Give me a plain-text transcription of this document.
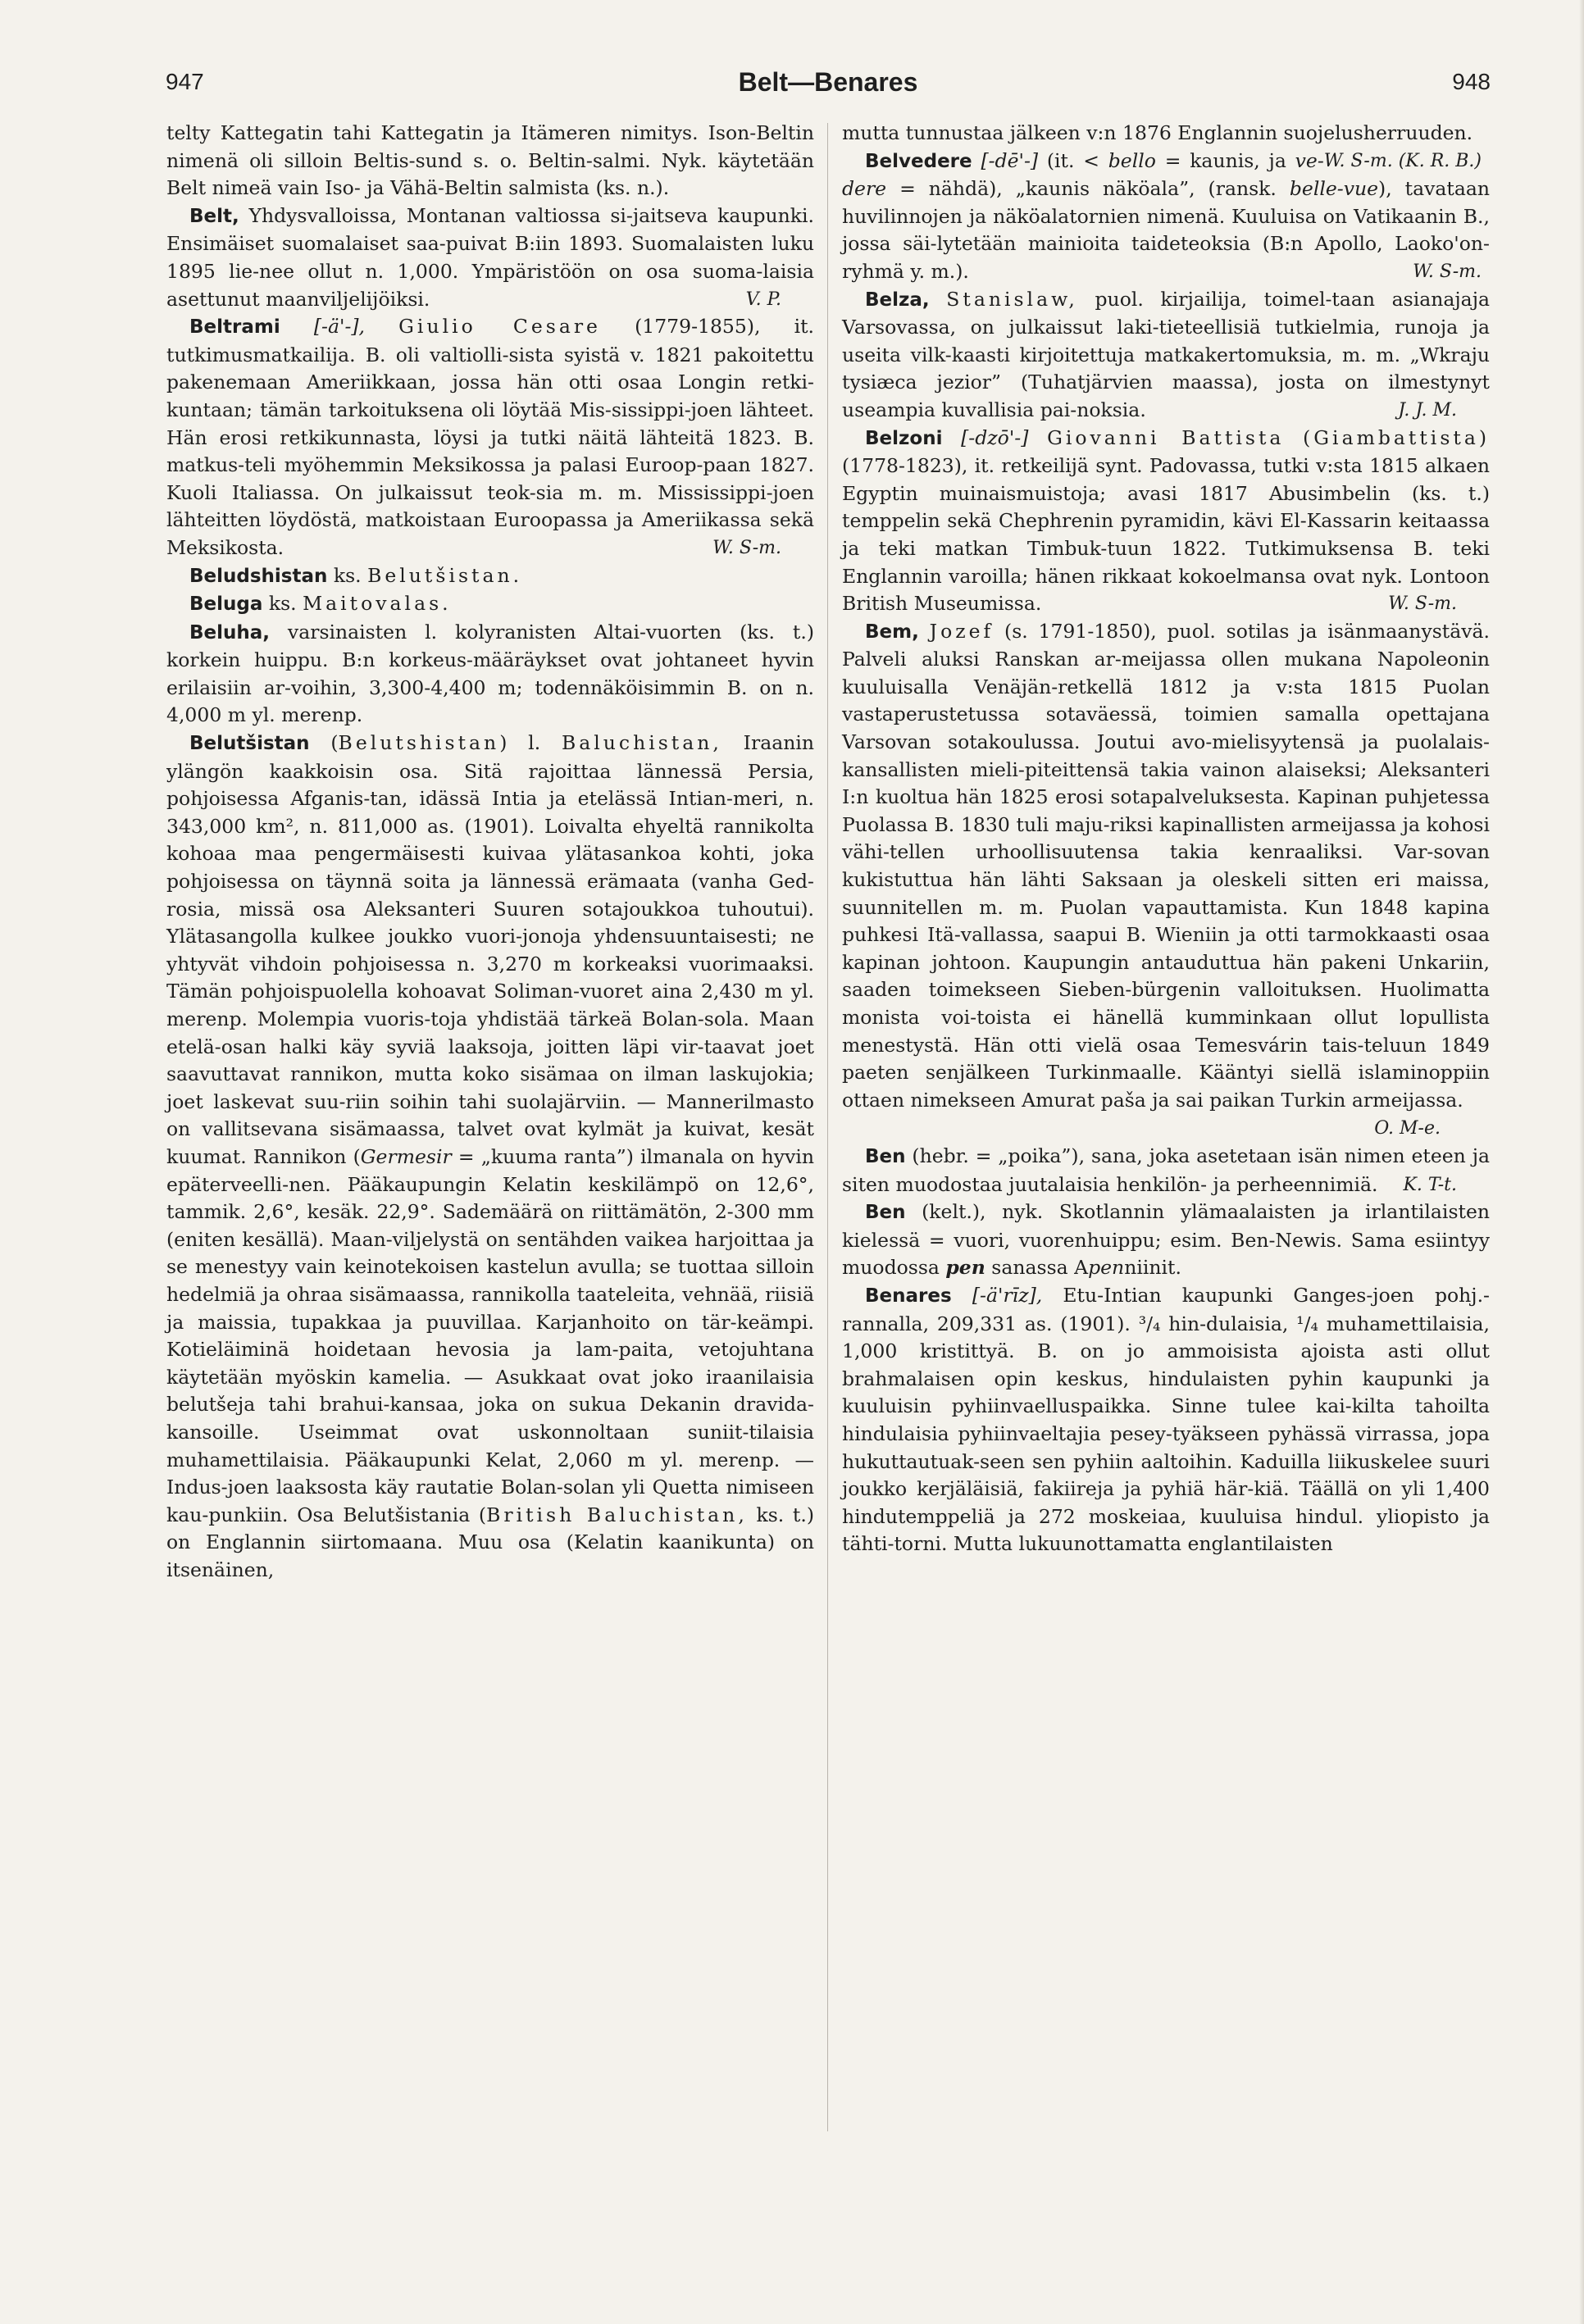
947	Belt—Benares	948

telty Kattegatin tahi Kattegatin ja Itämeren nimitys. Ison-Beltin nimenä oli silloin Beltis-sund s. o. Beltin-salmi. Nyk. käytetään Belt nimeä vain Iso- ja Vähä-Beltin salmista (ks. n.).

Belt, Yhdysvalloissa, Montanan valtiossa si-jaitseva kaupunki. Ensimäiset suomalaiset saa-puivat B:iin 1893. Suomalaisten luku 1895 lie-nee ollut n. 1,000. Ympäristöön on osa suoma-laisia asettunut maanviljelijöiksi.	V. P.

Beltrami [-ä'-], Giulio Cesare (1779-1855), it. tutkimusmatkailija. B. oli valtiolli-sista syistä v. 1821 pakoitettu pakenemaan Ameriikkaan, jossa hän otti osaa Longin retki-kuntaan; tämän tarkoituksena oli löytää Mis-sissippi-joen lähteet. Hän erosi retkikunnasta, löysi ja tutki näitä lähteitä 1823. B. matkus-teli myöhemmin Meksikossa ja palasi Euroop-paan 1827. Kuoli Italiassa. On julkaissut teok-sia m. m. Mississippi-joen lähteitten löydöstä, matkoistaan Euroopassa ja Ameriikassa sekä Meksikosta.	W. S-m.

Beludshistan ks. Belutšistan.

Beluga ks. Maitovalas.

Beluha, varsinaisten l. kolyranisten Altai-vuorten (ks. t.) korkein huippu. B:n korkeus-määräykset ovat johtaneet hyvin erilaisiin ar-voihin, 3,300-4,400 m; todennäköisimmin B. on n. 4,000 m yl. merenp.

Belutšistan (Belutshistan) l. Baluchistan, Iraanin ylängön kaakkoisin osa. Sitä rajoittaa lännessä Persia, pohjoisessa Afganis-tan, idässä Intia ja etelässä Intian-meri, n. 343,000 km², n. 811,000 as. (1901). Loivalta ehyeltä rannikolta kohoaa maa pengermäisesti kuivaa ylätasankoa kohti, joka pohjoisessa on täynnä soita ja lännessä erämaata (vanha Ged-rosia, missä osa Aleksanteri Suuren sotajoukkoa tuhoutui). Ylätasangolla kulkee joukko vuori-jonoja yhdensuuntaisesti; ne yhtyvät vihdoin pohjoisessa n. 3,270 m korkeaksi vuorimaaksi. Tämän pohjoispuolella kohoavat Soliman-vuoret aina 2,430 m yl. merenp. Molempia vuoris-toja yhdistää tärkeä Bolan-sola. Maan etelä-osan halki käy syviä laaksoja, joitten läpi vir-taavat joet saavuttavat rannikon, mutta koko sisämaa on ilman laskujokia; joet laskevat suu-riin soihin tahi suolajärviin. — Mannerilmasto on vallitsevana sisämaassa, talvet ovat kylmät ja kuivat, kesät kuumat. Rannikon (Germesir = „kuuma ranta”) ilmanala on hyvin epäterveelli-nen. Pääkaupungin Kelatin keskilämpö on 12,6°, tammik. 2,6°, kesäk. 22,9°. Sademäärä on riittämätön, 2-300 mm (eniten kesällä). Maan-viljelystä on sentähden vaikea harjoittaa ja se menestyy vain keinotekoisen kastelun avulla; se tuottaa silloin hedelmiä ja ohraa sisämaassa, rannikolla taateleita, vehnää, riisiä ja maissia, tupakkaa ja puuvillaa. Karjanhoito on tär-keämpi. Kotieläiminä hoidetaan hevosia ja lam-paita, vetojuhtana käytetään myöskin kamelia. — Asukkaat ovat joko iraanilaisia belutšeja tahi brahui-kansaa, joka on sukua Dekanin dravida-kansoille. Useimmat ovat uskonnoltaan suniit-tilaisia muhamettilaisia. Pääkaupunki Kelat, 2,060 m yl. merenp. — Indus-joen laaksosta käy rautatie Bolan-solan yli Quetta nimiseen kau-punkiin. Osa Belutšistania (British Baluchistan, ks. t.) on Englannin siirtomaana. Muu osa (Kelatin kaanikunta) on itsenäinen,

mutta tunnustaa jälkeen v:n 1876 Englannin suojelusherruuden.
W. S-m. (K. R. B.)

Belvedere [-dē'-] (it. < bello = kaunis, ja ve-dere = nähdä), „kaunis näköala”, (ransk. belle-vue), tavataan huvilinnojen ja näköalatornien nimenä. Kuuluisa on Vatikaanin B., jossa säi-lytetään mainioita taideteoksia (B:n Apollo, Laoko'on-ryhmä y. m.).	W. S-m.

Belza, Stanislaw, puol. kirjailija, toimel-taan asianajaja Varsovassa, on julkaissut laki-tieteellisiä tutkielmia, runoja ja useita vilk-kaasti kirjoitettuja matkakertomuksia, m. m. „Wkraju tysiæca jezior” (Tuhatjärvien maassa), josta on ilmestynyt useampia kuvallisia pai-noksia.	J. J. M.

Belzoni [-dzō'-] Giovanni Battista (Giambattista) (1778-1823), it. retkeilijä synt. Padovassa, tutki v:sta 1815 alkaen Egyptin muinaismuistoja; avasi 1817 Abusimbelin (ks. t.) temppelin sekä Chephrenin pyramidin, kävi El-Kassarin keitaassa ja teki matkan Timbuk-tuun 1822. Tutkimuksensa B. teki Englannin varoilla; hänen rikkaat kokoelmansa ovat nyk. Lontoon British Museumissa.	W. S-m.

Bem, Jozef (s. 1791-1850), puol. sotilas ja isänmaanystävä. Palveli aluksi Ranskan ar-meijassa ollen mukana Napoleonin kuuluisalla Venäjän-retkellä 1812 ja v:sta 1815 Puolan vastaperustetussa sotaväessä, toimien samalla opettajana Varsovan sotakoulussa. Joutui avo-mielisyytensä ja puolalais-kansallisten mieli-piteittensä takia vainon alaiseksi; Aleksanteri I:n kuoltua hän 1825 erosi sotapalveluksesta. Kapinan puhjetessa Puolassa B. 1830 tuli maju-riksi kapinallisten armeijassa ja kohosi vähi-tellen urhoollisuutensa takia kenraaliksi. Var-sovan kukistuttua hän lähti Saksaan ja oleskeli sitten eri maissa, suunnitellen m. m. Puolan vapauttamista. Kun 1848 kapina puhkesi Itä-vallassa, saapui B. Wieniin ja otti tarmokkaasti osaa kapinan johtoon. Kaupungin antauduttua hän pakeni Unkariin, saaden toimekseen Sieben-bürgenin valloituksen. Huolimatta monista voi-toista ei hänellä kumminkaan ollut lopullista menestystä. Hän otti vielä osaa Temesvárin tais-teluun 1849 paeten senjälkeen Turkinmaalle. Kääntyi siellä islaminoppiin ottaen nimekseen Amurat paša ja sai paikan Turkin armeijassa.

O. M-e.

Ben (hebr. = „poika”), sana, joka asetetaan isän nimen eteen ja siten muodostaa juutalaisia henkilön- ja perheennimiä.	K. T-t.

Ben (kelt.), nyk. Skotlannin ylämaalaisten ja irlantilaisten kielessä = vuori, vuorenhuippu; esim. Ben-Newis. Sama esiintyy muodossa pen sanassa Apenniinit.

Benares [-ä'rīz], Etu-Intian kaupunki Ganges-joen pohj.-rannalla, 209,331 as. (1901). ³/₄ hin-dulaisia, ¹/₄ muhamettilaisia, 1,000 kristittyä. B. on jo ammoisista ajoista asti ollut brahmalaisen opin keskus, hindulaisten pyhin kaupunki ja kuuluisin pyhiinvaelluspaikka. Sinne tulee kai-kilta tahoilta hindulaisia pyhiinvaeltajia pesey-tyäkseen pyhässä virrassa, jopa hukuttautuak-seen sen pyhiin aaltoihin. Kaduilla liikuskelee suuri joukko kerjäläisiä, fakiireja ja pyhiä här-kiä. Täällä on yli 1,400 hindutemppeliä ja 272 moskeiaa, kuuluisa hindul. yliopisto ja tähti-torni. Mutta lukuunottamatta englantilaisten
